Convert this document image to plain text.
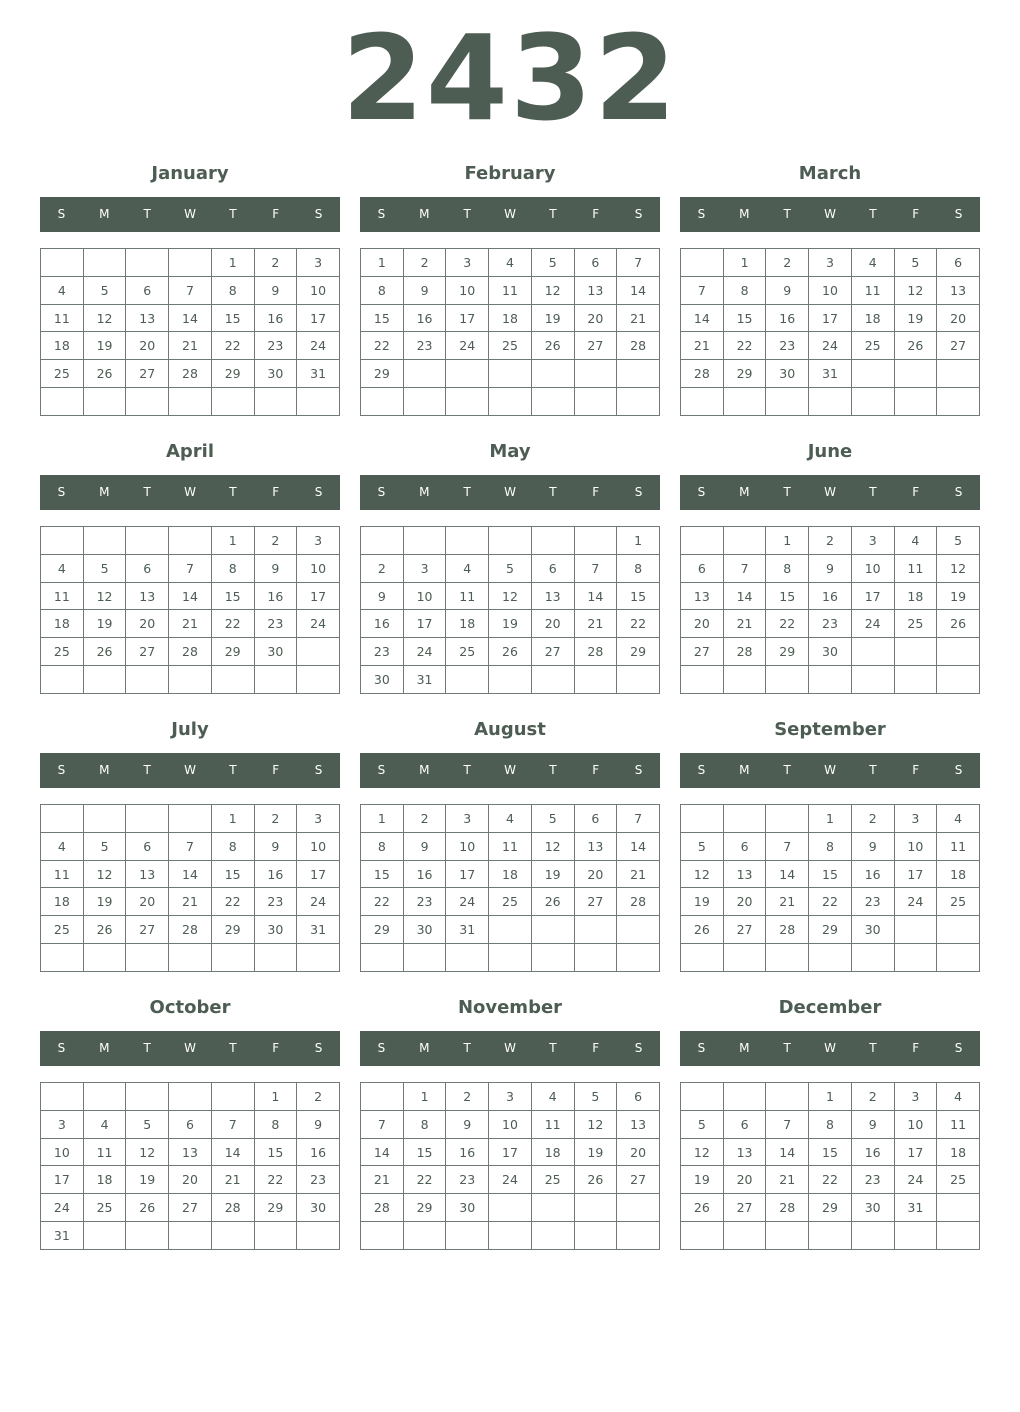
2432
January
S	M	T	W	T	F	S
				1	2	3
4	5	6	7	8	9	10
11	12	13	14	15	16	17
18	19	20	21	22	23	24
25	26	27	28	29	30	31

February
S	M	T	W	T	F	S
1	2	3	4	5	6	7
8	9	10	11	12	13	14
15	16	17	18	19	20	21
22	23	24	25	26	27	28
29						

March
S	M	T	W	T	F	S
	1	2	3	4	5	6
7	8	9	10	11	12	13
14	15	16	17	18	19	20
21	22	23	24	25	26	27
28	29	30	31			

April
S	M	T	W	T	F	S
				1	2	3
4	5	6	7	8	9	10
11	12	13	14	15	16	17
18	19	20	21	22	23	24
25	26	27	28	29	30	

May
S	M	T	W	T	F	S
						1
2	3	4	5	6	7	8
9	10	11	12	13	14	15
16	17	18	19	20	21	22
23	24	25	26	27	28	29
30	31					
June
S	M	T	W	T	F	S
		1	2	3	4	5
6	7	8	9	10	11	12
13	14	15	16	17	18	19
20	21	22	23	24	25	26
27	28	29	30			

July
S	M	T	W	T	F	S
				1	2	3
4	5	6	7	8	9	10
11	12	13	14	15	16	17
18	19	20	21	22	23	24
25	26	27	28	29	30	31

August
S	M	T	W	T	F	S
1	2	3	4	5	6	7
8	9	10	11	12	13	14
15	16	17	18	19	20	21
22	23	24	25	26	27	28
29	30	31				

September
S	M	T	W	T	F	S
			1	2	3	4
5	6	7	8	9	10	11
12	13	14	15	16	17	18
19	20	21	22	23	24	25
26	27	28	29	30		

October
S	M	T	W	T	F	S
					1	2
3	4	5	6	7	8	9
10	11	12	13	14	15	16
17	18	19	20	21	22	23
24	25	26	27	28	29	30
31						
November
S	M	T	W	T	F	S
	1	2	3	4	5	6
7	8	9	10	11	12	13
14	15	16	17	18	19	20
21	22	23	24	25	26	27
28	29	30				

December
S	M	T	W	T	F	S
			1	2	3	4
5	6	7	8	9	10	11
12	13	14	15	16	17	18
19	20	21	22	23	24	25
26	27	28	29	30	31	
